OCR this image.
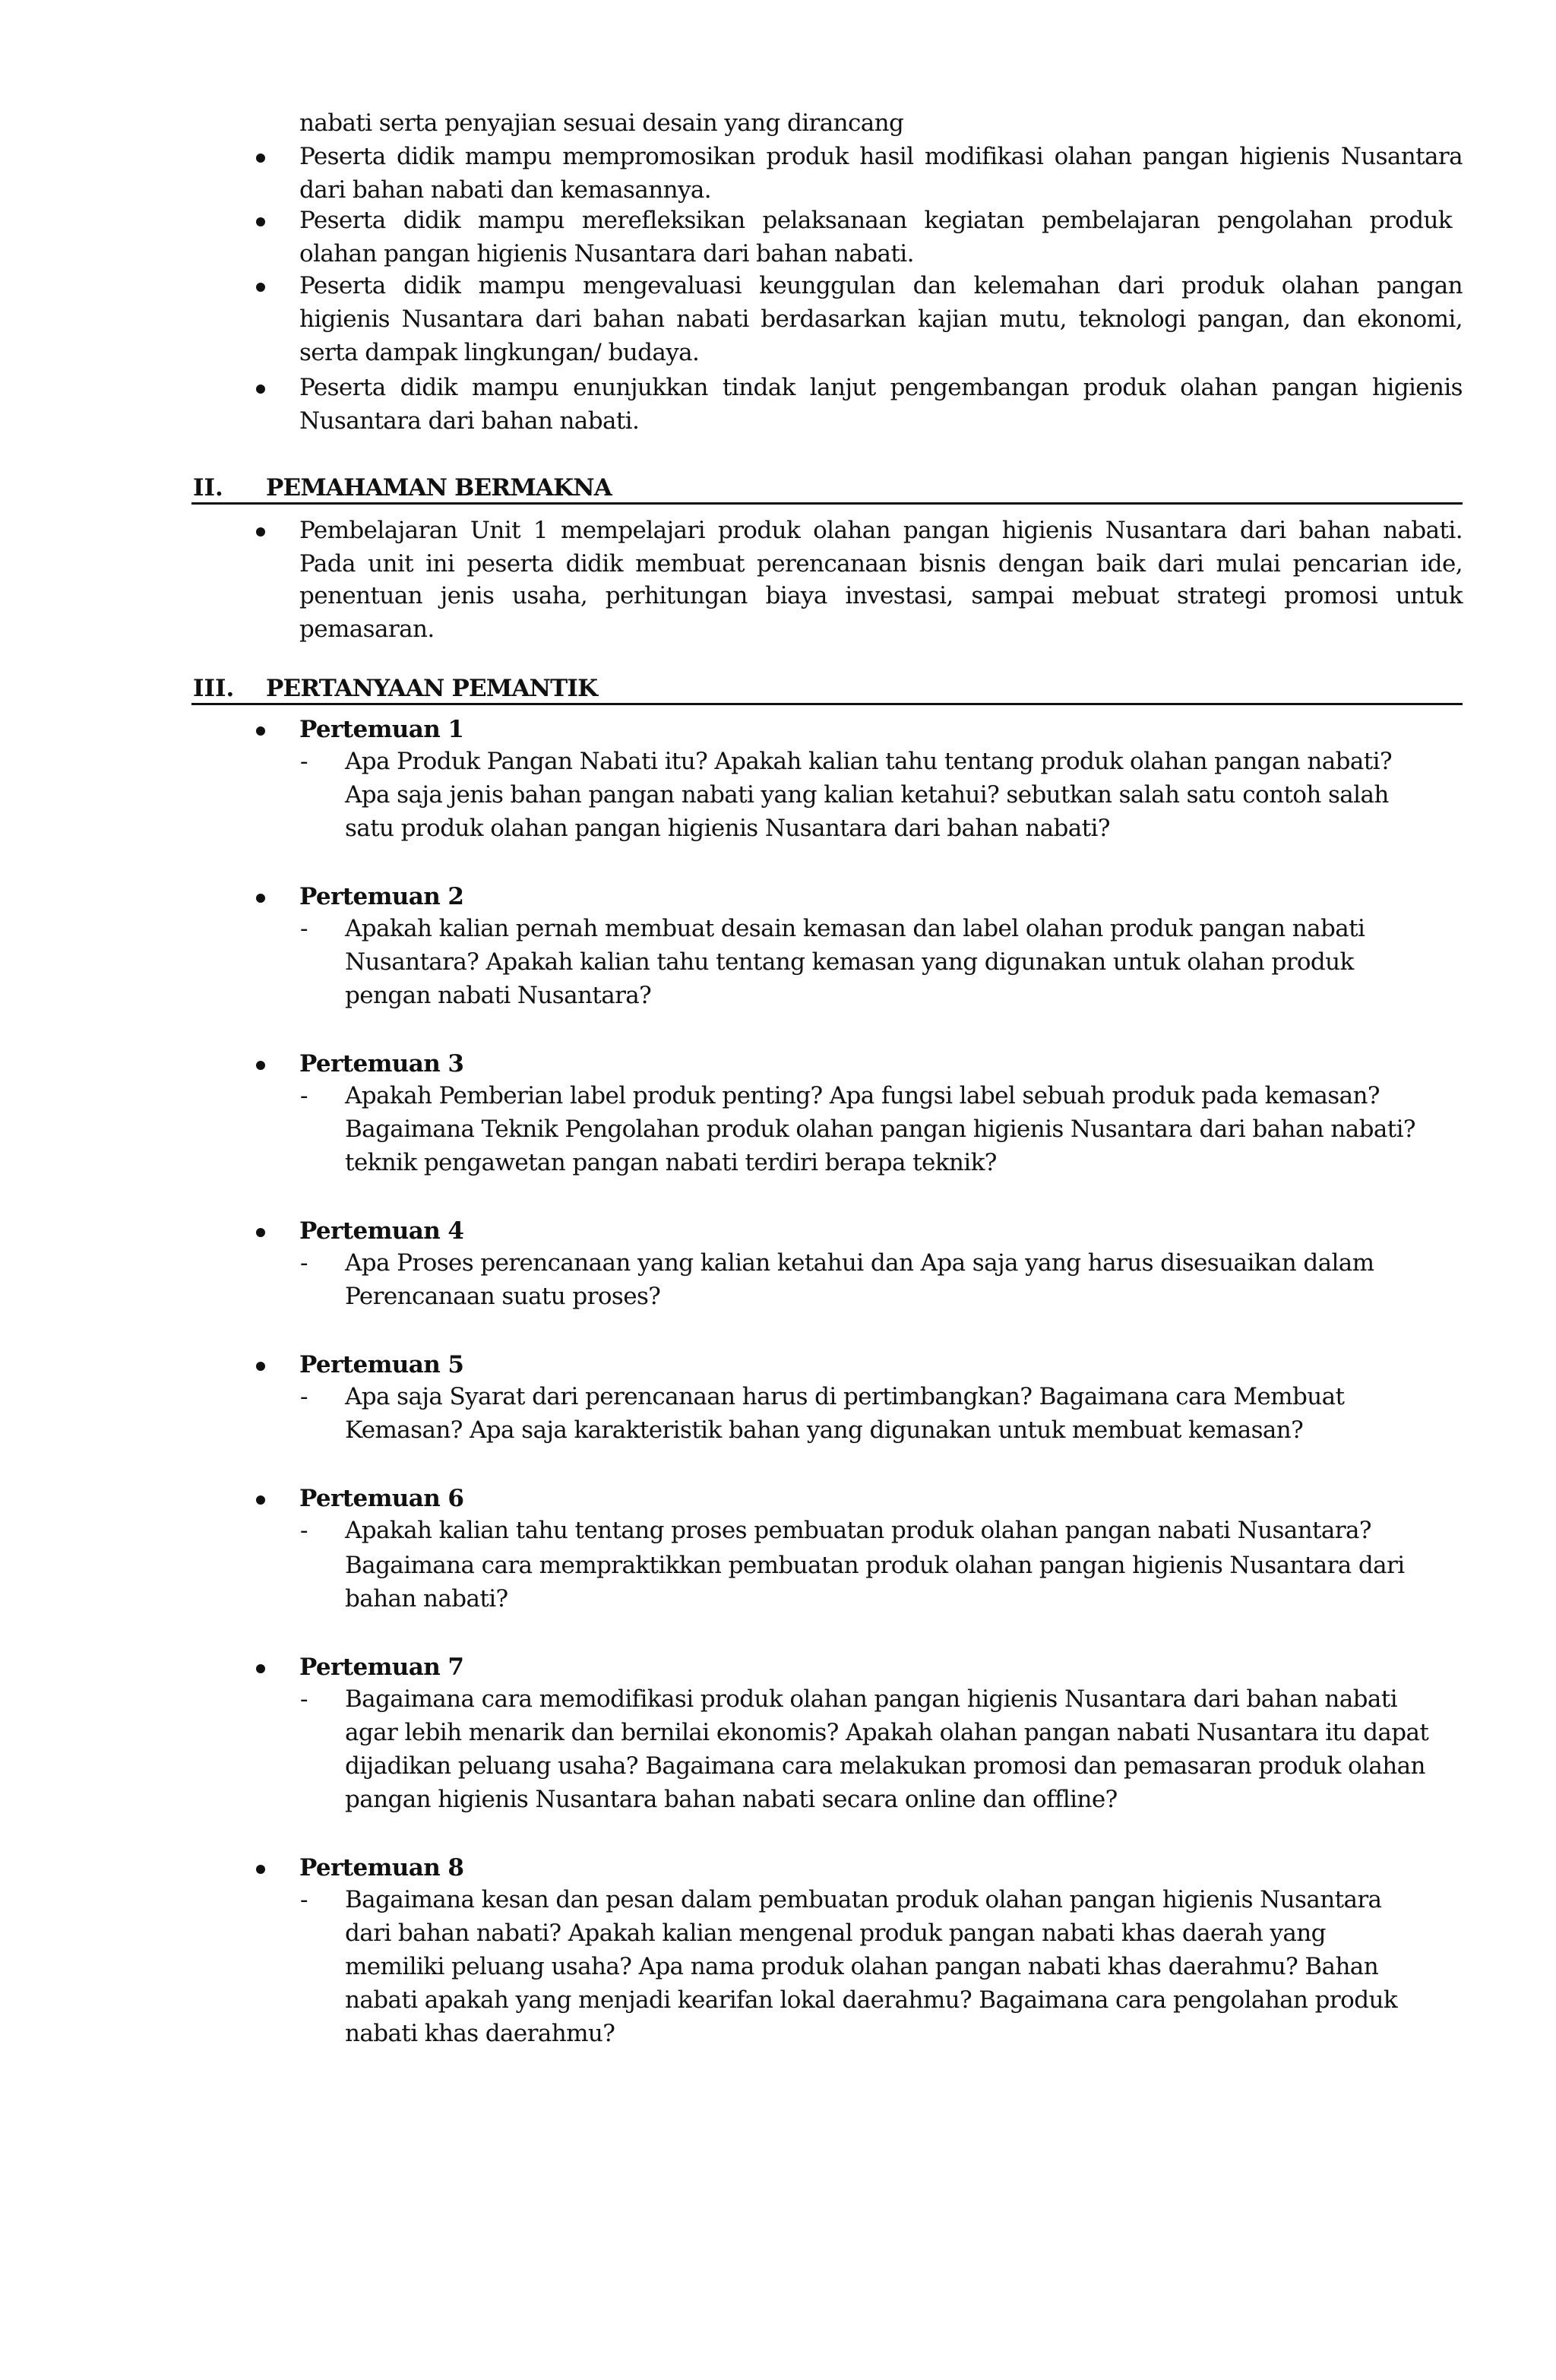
nabati serta penyajian sesuai desain yang dirancang
Peserta didik mampu mempromosikan produk hasil modifikasi olahan pangan higienis Nusantara
dari bahan nabati dan kemasannya.
Peserta didik mampu merefleksikan pelaksanaan kegiatan pembelajaran pengolahan produk
olahan pangan higienis Nusantara dari bahan nabati.
Peserta didik mampu mengevaluasi keunggulan dan kelemahan dari produk olahan pangan
higienis Nusantara dari bahan nabati berdasarkan kajian mutu, teknologi pangan, dan ekonomi,
serta dampak lingkungan/ budaya.
Peserta didik mampu enunjukkan tindak lanjut pengembangan produk olahan pangan higienis
Nusantara dari bahan nabati.
II. PEMAHAMAN BERMAKNA
Pembelajaran Unit 1 mempelajari produk olahan pangan higienis Nusantara dari bahan nabati.
Pada unit ini peserta didik membuat perencanaan bisnis dengan baik dari mulai pencarian ide,
penentuan jenis usaha, perhitungan biaya investasi, sampai mebuat strategi promosi untuk
pemasaran.
III. PERTANYAAN PEMANTIK
Pertemuan 1
- Apa Produk Pangan Nabati itu? Apakah kalian tahu tentang produk olahan pangan nabati?
Apa saja jenis bahan pangan nabati yang kalian ketahui? sebutkan salah satu contoh salah
satu produk olahan pangan higienis Nusantara dari bahan nabati?
Pertemuan 2
- Apakah kalian pernah membuat desain kemasan dan label olahan produk pangan nabati
Nusantara? Apakah kalian tahu tentang kemasan yang digunakan untuk olahan produk
pengan nabati Nusantara?
Pertemuan 3
- Apakah Pemberian label produk penting? Apa fungsi label sebuah produk pada kemasan?
Bagaimana Teknik Pengolahan produk olahan pangan higienis Nusantara dari bahan nabati?
teknik pengawetan pangan nabati terdiri berapa teknik?
Pertemuan 4
- Apa Proses perencanaan yang kalian ketahui dan Apa saja yang harus disesuaikan dalam
Perencanaan suatu proses?
Pertemuan 5
- Apa saja Syarat dari perencanaan harus di pertimbangkan? Bagaimana cara Membuat
Kemasan? Apa saja karakteristik bahan yang digunakan untuk membuat kemasan?
Pertemuan 6
- Apakah kalian tahu tentang proses pembuatan produk olahan pangan nabati Nusantara?
Bagaimana cara mempraktikkan pembuatan produk olahan pangan higienis Nusantara dari
bahan nabati?
Pertemuan 7
- Bagaimana cara memodifikasi produk olahan pangan higienis Nusantara dari bahan nabati
agar lebih menarik dan bernilai ekonomis? Apakah olahan pangan nabati Nusantara itu dapat
dijadikan peluang usaha? Bagaimana cara melakukan promosi dan pemasaran produk olahan
pangan higienis Nusantara bahan nabati secara online dan offline?
Pertemuan 8
- Bagaimana kesan dan pesan dalam pembuatan produk olahan pangan higienis Nusantara
dari bahan nabati? Apakah kalian mengenal produk pangan nabati khas daerah yang
memiliki peluang usaha? Apa nama produk olahan pangan nabati khas daerahmu? Bahan
nabati apakah yang menjadi kearifan lokal daerahmu? Bagaimana cara pengolahan produk
nabati khas daerahmu?
